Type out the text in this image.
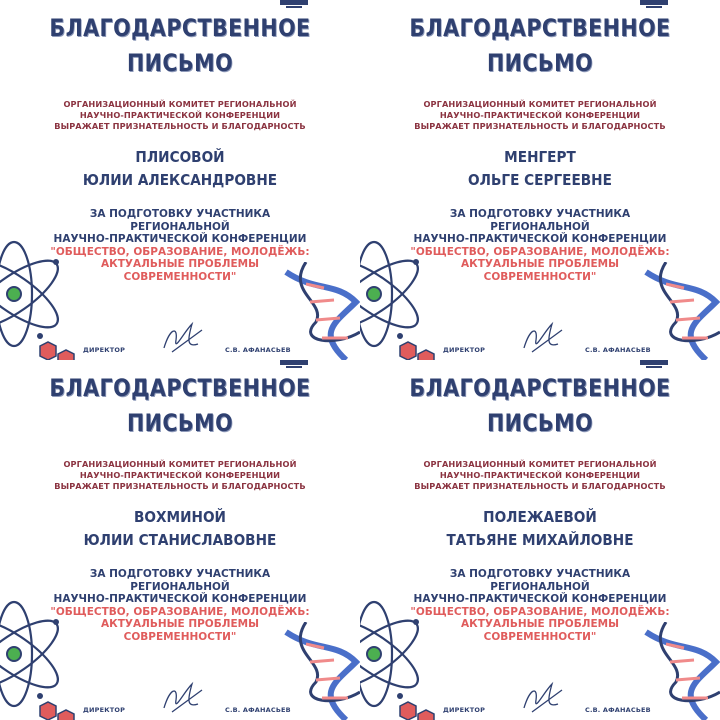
БЛАГОДАРСТВЕННОЕ
ПИСЬМО
ОРГАНИЗАЦИОННЫЙ КОМИТЕТ РЕГИОНАЛЬНОЙ
НАУЧНО-ПРАКТИЧЕСКОЙ КОНФЕРЕНЦИИ
ВЫРАЖАЕТ ПРИЗНАТЕЛЬНОСТЬ И БЛАГОДАРНОСТЬ
ПЛИСОВОЙ
ЮЛИИ АЛЕКСАНДРОВНЕ
ЗА ПОДГОТОВКУ УЧАСТНИКА
РЕГИОНАЛЬНОЙ
НАУЧНО-ПРАКТИЧЕСКОЙ КОНФЕРЕНЦИИ
"ОБЩЕСТВО, ОБРАЗОВАНИЕ, МОЛОДЁЖЬ:
АКТУАЛЬНЫЕ ПРОБЛЕМЫ
СОВРЕМЕННОСТИ"
ДИРЕКТОР	С.В. АФАНАСЬЕВ
БЛАГОДАРСТВЕННОЕ
ПИСЬМО
ОРГАНИЗАЦИОННЫЙ КОМИТЕТ РЕГИОНАЛЬНОЙ
НАУЧНО-ПРАКТИЧЕСКОЙ КОНФЕРЕНЦИИ
ВЫРАЖАЕТ ПРИЗНАТЕЛЬНОСТЬ И БЛАГОДАРНОСТЬ
МЕНГЕРТ
ОЛЬГЕ СЕРГЕЕВНЕ
ЗА ПОДГОТОВКУ УЧАСТНИКА
РЕГИОНАЛЬНОЙ
НАУЧНО-ПРАКТИЧЕСКОЙ КОНФЕРЕНЦИИ
"ОБЩЕСТВО, ОБРАЗОВАНИЕ, МОЛОДЁЖЬ:
АКТУАЛЬНЫЕ ПРОБЛЕМЫ
СОВРЕМЕННОСТИ"
ДИРЕКТОР	С.В. АФАНАСЬЕВ
БЛАГОДАРСТВЕННОЕ
ПИСЬМО
ОРГАНИЗАЦИОННЫЙ КОМИТЕТ РЕГИОНАЛЬНОЙ
НАУЧНО-ПРАКТИЧЕСКОЙ КОНФЕРЕНЦИИ
ВЫРАЖАЕТ ПРИЗНАТЕЛЬНОСТЬ И БЛАГОДАРНОСТЬ
ВОХМИНОЙ
ЮЛИИ СТАНИСЛАВОВНЕ
ЗА ПОДГОТОВКУ УЧАСТНИКА
РЕГИОНАЛЬНОЙ
НАУЧНО-ПРАКТИЧЕСКОЙ КОНФЕРЕНЦИИ
"ОБЩЕСТВО, ОБРАЗОВАНИЕ, МОЛОДЁЖЬ:
АКТУАЛЬНЫЕ ПРОБЛЕМЫ
СОВРЕМЕННОСТИ"
ДИРЕКТОР	С.В. АФАНАСЬЕВ
БЛАГОДАРСТВЕННОЕ
ПИСЬМО
ОРГАНИЗАЦИОННЫЙ КОМИТЕТ РЕГИОНАЛЬНОЙ
НАУЧНО-ПРАКТИЧЕСКОЙ КОНФЕРЕНЦИИ
ВЫРАЖАЕТ ПРИЗНАТЕЛЬНОСТЬ И БЛАГОДАРНОСТЬ
ПОЛЕЖАЕВОЙ
ТАТЬЯНЕ МИХАЙЛОВНЕ
ЗА ПОДГОТОВКУ УЧАСТНИКА
РЕГИОНАЛЬНОЙ
НАУЧНО-ПРАКТИЧЕСКОЙ КОНФЕРЕНЦИИ
"ОБЩЕСТВО, ОБРАЗОВАНИЕ, МОЛОДЁЖЬ:
АКТУАЛЬНЫЕ ПРОБЛЕМЫ
СОВРЕМЕННОСТИ"
ДИРЕКТОР	С.В. АФАНАСЬЕВ
